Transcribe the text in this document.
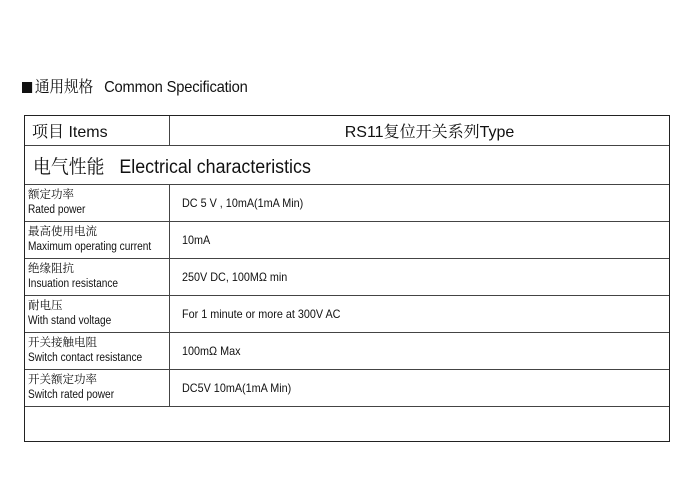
通用规格 Common Specification
项目 Items	RS11复位开关系列Type
电气性能   Electrical characteristics
额定功率
Rated power	DC 5 V , 10mA(1mA Min)
最高使用电流
Maximum operating current	10mA
绝缘阻抗
Insuation resistance	250V DC, 100MΩ min
耐电压
With stand voltage	For 1 minute or more at 300V AC
开关接触电阻
Switch contact resistance	100mΩ Max
开关额定功率
Switch rated power	DC5V 10mA(1mA Min)
